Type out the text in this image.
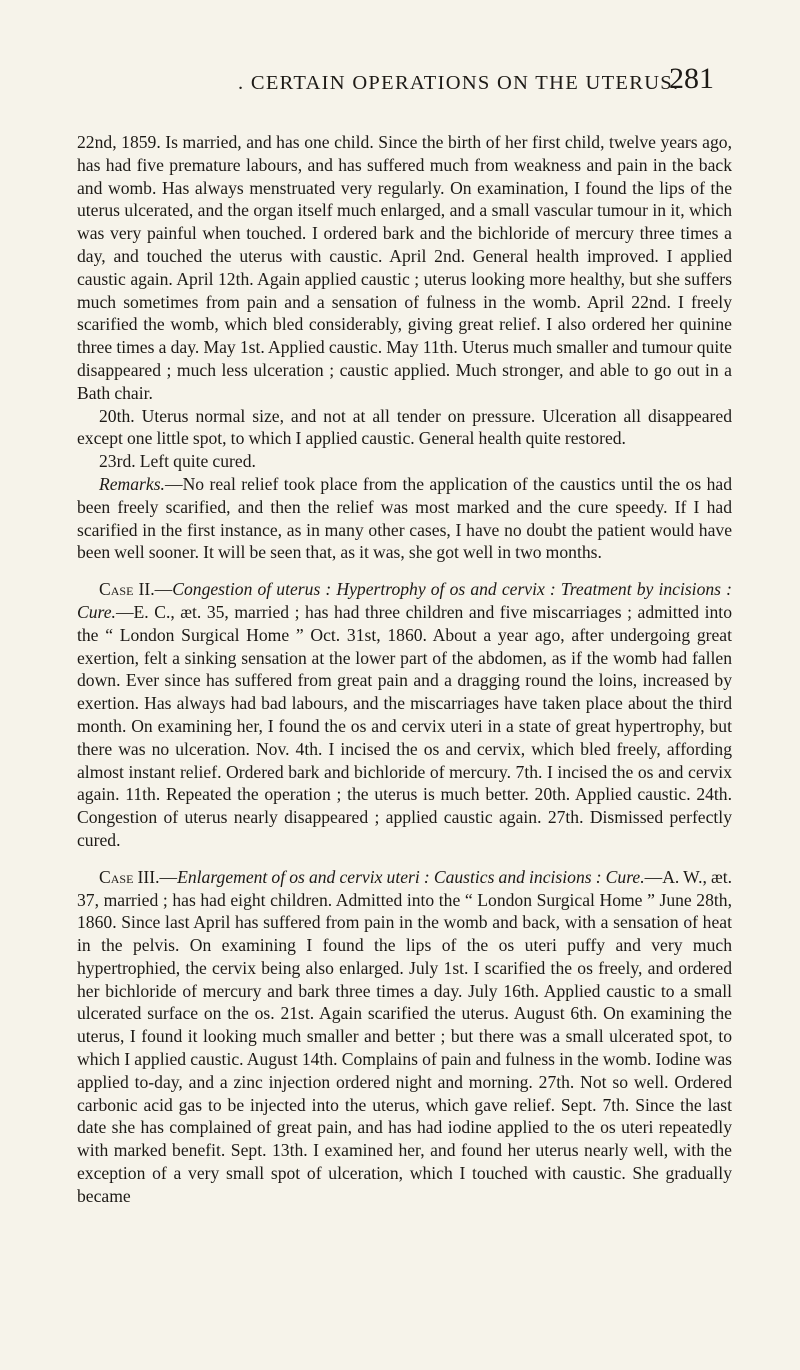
. CERTAIN OPERATIONS ON THE UTERUS.
281

22nd, 1859. Is married, and has one child. Since the birth of her first child, twelve years ago, has had five premature labours, and has suffered much from weakness and pain in the back and womb. Has always menstruated very regularly. On examination, I found the lips of the uterus ulcerated, and the organ itself much enlarged, and a small vascular tumour in it, which was very painful when touched. I ordered bark and the bichloride of mercury three times a day, and touched the uterus with caustic. April 2nd. General health improved. I applied caustic again. April 12th. Again applied caustic ; uterus looking more healthy, but she suffers much sometimes from pain and a sensation of fulness in the womb. April 22nd. I freely scarified the womb, which bled considerably, giving great relief. I also ordered her quinine three times a day. May 1st. Applied caustic. May 11th. Uterus much smaller and tumour quite disappeared ; much less ulceration ; caustic applied. Much stronger, and able to go out in a Bath chair.

20th. Uterus normal size, and not at all tender on pressure. Ulceration all disappeared except one little spot, to which I applied caustic. General health quite restored.

23rd. Left quite cured.

Remarks.—No real relief took place from the application of the caustics until the os had been freely scarified, and then the relief was most marked and the cure speedy. If I had scarified in the first instance, as in many other cases, I have no doubt the patient would have been well sooner. It will be seen that, as it was, she got well in two months.

Case II.—Congestion of uterus : Hypertrophy of os and cervix : Treatment by incisions : Cure.—E. C., æt. 35, married ; has had three children and five miscarriages ; admitted into the “ London Surgical Home ” Oct. 31st, 1860. About a year ago, after undergoing great exertion, felt a sinking sensation at the lower part of the abdomen, as if the womb had fallen down. Ever since has suffered from great pain and a dragging round the loins, increased by exertion. Has always had bad labours, and the miscarriages have taken place about the third month. On examining her, I found the os and cervix uteri in a state of great hypertrophy, but there was no ulceration. Nov. 4th. I incised the os and cervix, which bled freely, affording almost instant relief. Ordered bark and bichloride of mercury. 7th. I incised the os and cervix again. 11th. Repeated the operation ; the uterus is much better. 20th. Applied caustic. 24th. Congestion of uterus nearly disappeared ; applied caustic again. 27th. Dismissed perfectly cured.

Case III.—Enlargement of os and cervix uteri : Caustics and incisions : Cure.—A. W., æt. 37, married ; has had eight children. Admitted into the “ London Surgical Home ” June 28th, 1860. Since last April has suffered from pain in the womb and back, with a sensation of heat in the pelvis. On examining I found the lips of the os uteri puffy and very much hypertrophied, the cervix being also enlarged. July 1st. I scarified the os freely, and ordered her bichloride of mercury and bark three times a day. July 16th. Applied caustic to a small ulcerated surface on the os. 21st. Again scarified the uterus. August 6th. On examining the uterus, I found it looking much smaller and better ; but there was a small ulcerated spot, to which I applied caustic. August 14th. Complains of pain and fulness in the womb. Iodine was applied to-day, and a zinc injection ordered night and morning. 27th. Not so well. Ordered carbonic acid gas to be injected into the uterus, which gave relief. Sept. 7th. Since the last date she has complained of great pain, and has had iodine applied to the os uteri repeatedly with marked benefit. Sept. 13th. I examined her, and found her uterus nearly well, with the exception of a very small spot of ulceration, which I touched with caustic. She gradually became
